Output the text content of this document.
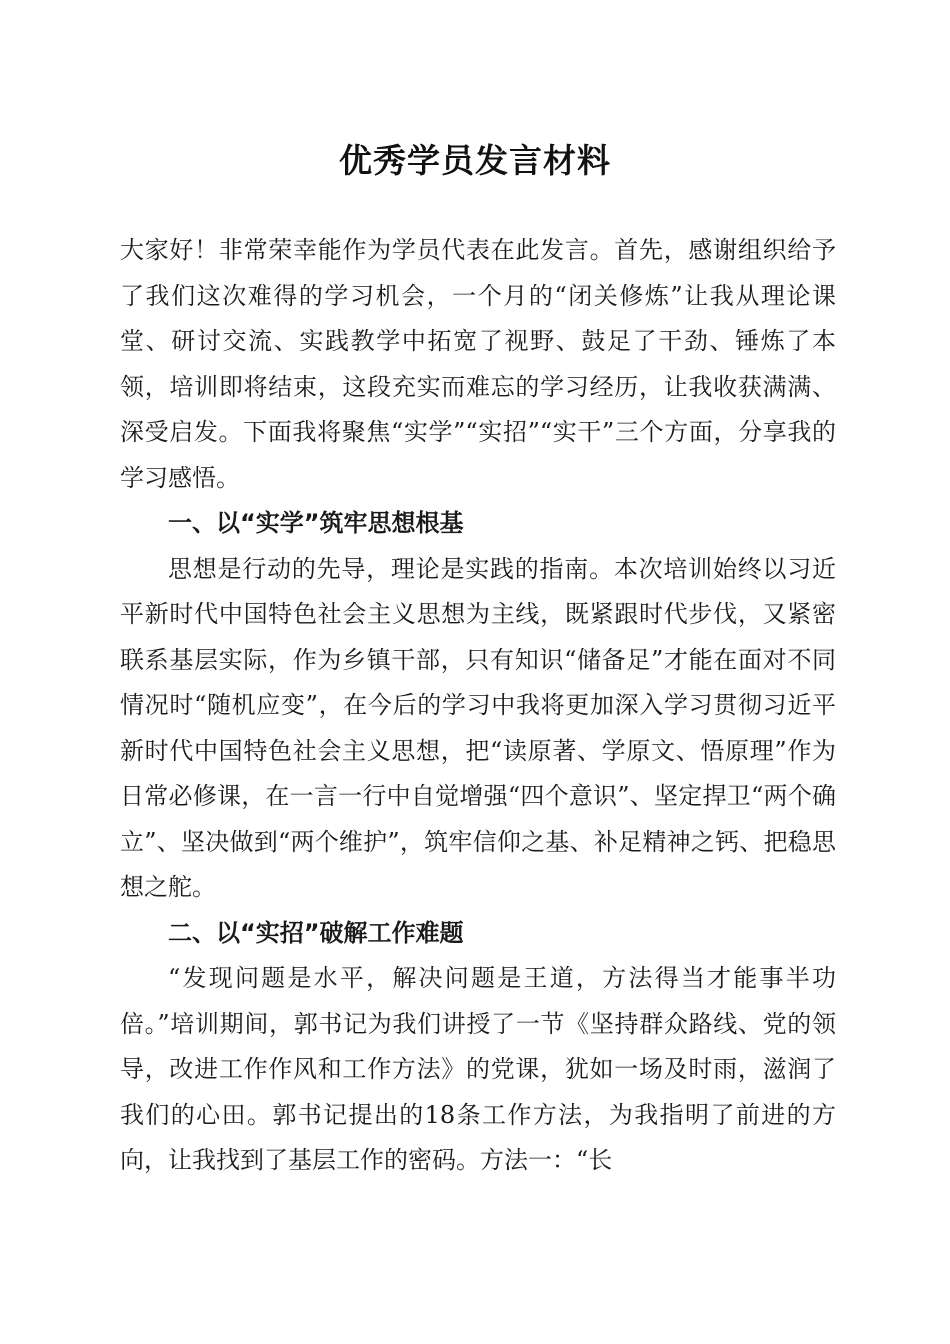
优秀学员发言材料

大家好！非常荣幸能作为学员代表在此发言。首先，感谢组织给予了我们这次难得的学习机会，一个月的“闭关修炼”让我从理论课堂、研讨交流、实践教学中拓宽了视野、鼓足了干劲、锤炼了本领，培训即将结束，这段充实而难忘的学习经历，让我收获满满、深受启发。下面我将聚焦“实学”“实招”“实干”三个方面，分享我的学习感悟。

一、以“实学”筑牢思想根基

思想是行动的先导，理论是实践的指南。本次培训始终以习近平新时代中国特色社会主义思想为主线，既紧跟时代步伐，又紧密联系基层实际，作为乡镇干部，只有知识“储备足”才能在面对不同情况时“随机应变”，在今后的学习中我将更加深入学习贯彻习近平新时代中国特色社会主义思想，把“读原著、学原文、悟原理”作为日常必修课，在一言一行中自觉增强“四个意识”、坚定捍卫“两个确立”、坚决做到“两个维护”，筑牢信仰之基、补足精神之钙、把稳思想之舵。

二、以“实招”破解工作难题

“发现问题是水平，解决问题是王道，方法得当才能事半功倍。”培训期间，郭书记为我们讲授了一节《坚持群众路线、党的领导，改进工作作风和工作方法》的党课，犹如一场及时雨，滋润了我们的心田。郭书记提出的18条工作方法，为我指明了前进的方向，让我找到了基层工作的密码。方法一：“长
